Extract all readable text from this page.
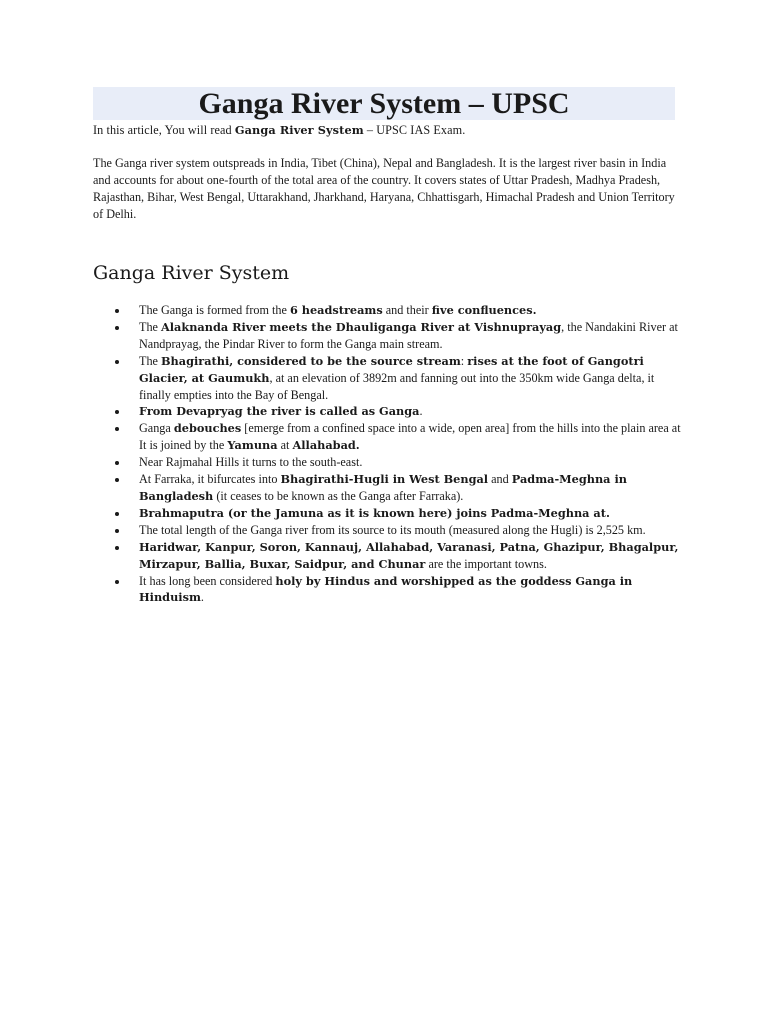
Ganga River System – UPSC

In this article, You will read Ganga River System – UPSC IAS Exam.

The Ganga river system outspreads in India, Tibet (China), Nepal and Bangladesh. It is the largest river basin in India and accounts for about one-fourth of the total area of the country. It covers states of Uttar Pradesh, Madhya Pradesh, Rajasthan, Bihar, West Bengal, Uttarakhand, Jharkhand, Haryana, Chhattisgarh, Himachal Pradesh and Union Territory of Delhi.

Ganga River System
The Ganga is formed from the 6 headstreams and their five confluences.
The Alaknanda River meets the Dhauliganga River at Vishnuprayag, the Nandakini River at Nandprayag, the Pindar River to form the Ganga main stream.
The Bhagirathi, considered to be the source stream: rises at the foot of Gangotri Glacier, at Gaumukh, at an elevation of 3892m and fanning out into the 350km wide Ganga delta, it finally empties into the Bay of Bengal.
From Devapryag the river is called as Ganga.
Ganga debouches [emerge from a confined space into a wide, open area] from the hills into the plain area at It is joined by the Yamuna at Allahabad.
Near Rajmahal Hills it turns to the south-east.
At Farraka, it bifurcates into Bhagirathi-Hugli in West Bengal and Padma-Meghna in Bangladesh (it ceases to be known as the Ganga after Farraka).
Brahmaputra (or the Jamuna as it is known here) joins Padma-Meghna at.
The total length of the Ganga river from its source to its mouth (measured along the Hugli) is 2,525 km.
Haridwar, Kanpur, Soron, Kannauj, Allahabad, Varanasi, Patna, Ghazipur, Bhagalpur, Mirzapur, Ballia, Buxar, Saidpur, and Chunar are the important towns.
It has long been considered holy by Hindus and worshipped as the goddess Ganga in Hinduism.
